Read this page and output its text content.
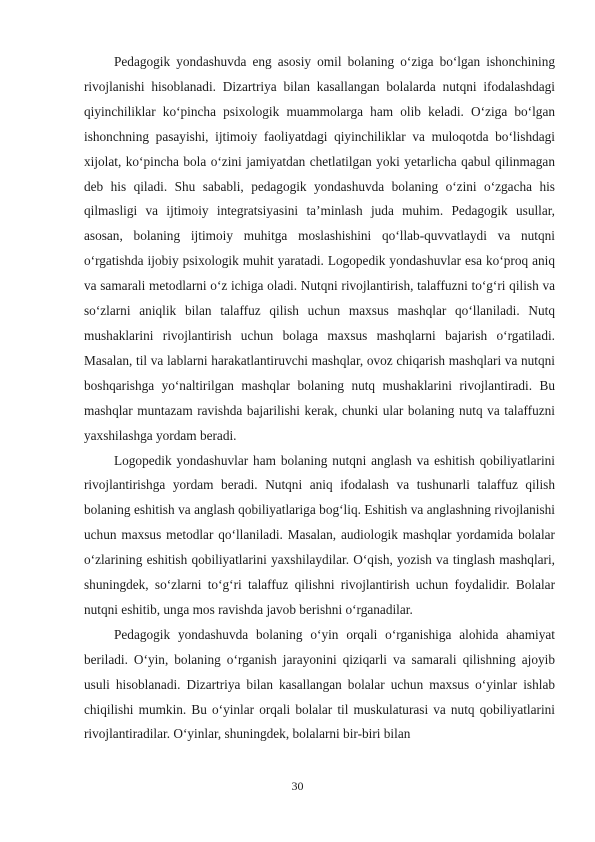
Pedagogik yondashuvda eng asosiy omil bolaning o‘ziga bo‘lgan ishonchining rivojlanishi hisoblanadi. Dizartriya bilan kasallangan bolalarda nutqni ifodalashdagi qiyinchiliklar ko‘pincha psixologik muammolarga ham olib keladi. O‘ziga bo‘lgan ishonchning pasayishi, ijtimoiy faoliyatdagi qiyinchiliklar va muloqotda bo‘lishdagi xijolat, ko‘pincha bola o‘zini jamiyatdan chetlatilgan yoki yetarlicha qabul qilinmagan deb his qiladi. Shu sababli, pedagogik yondashuvda bolaning o‘zini o‘zgacha his qilmasligi va ijtimoiy integratsiyasini ta’minlash juda muhim. Pedagogik usullar, asosan, bolaning ijtimoiy muhitga moslashishini qo‘llab-quvvatlaydi va nutqni o‘rgatishda ijobiy psixologik muhit yaratadi. Logopedik yondashuvlar esa ko‘proq aniq va samarali metodlarni o‘z ichiga oladi. Nutqni rivojlantirish, talaffuzni to‘g‘ri qilish va so‘zlarni aniqlik bilan talaffuz qilish uchun maxsus mashqlar qo‘llaniladi. Nutq mushaklarini rivojlantirish uchun bolaga maxsus mashqlarni bajarish o‘rgatiladi. Masalan, til va lablarni harakatlantiruvchi mashqlar, ovoz chiqarish mashqlari va nutqni boshqarishga yo‘naltirilgan mashqlar bolaning nutq mushaklarini rivojlantiradi. Bu mashqlar muntazam ravishda bajarilishi kerak, chunki ular bolaning nutq va talaffuzni yaxshilashga yordam beradi.

Logopedik yondashuvlar ham bolaning nutqni anglash va eshitish qobiliyatlarini rivojlantirishga yordam beradi. Nutqni aniq ifodalash va tushunarli talaffuz qilish bolaning eshitish va anglash qobiliyatlariga bog‘liq. Eshitish va anglashning rivojlanishi uchun maxsus metodlar qo‘llaniladi. Masalan, audiologik mashqlar yordamida bolalar o‘zlarining eshitish qobiliyatlarini yaxshilaydilar. O‘qish, yozish va tinglash mashqlari, shuningdek, so‘zlarni to‘g‘ri talaffuz qilishni rivojlantirish uchun foydalidir. Bolalar nutqni eshitib, unga mos ravishda javob berishni o‘rganadilar.

Pedagogik yondashuvda bolaning o‘yin orqali o‘rganishiga alohida ahamiyat beriladi. O‘yin, bolaning o‘rganish jarayonini qiziqarli va samarali qilishning ajoyib usuli hisoblanadi. Dizartriya bilan kasallangan bolalar uchun maxsus o‘yinlar ishlab chiqilishi mumkin. Bu o‘yinlar orqali bolalar til muskulaturasi va nutq qobiliyatlarini rivojlantiradilar. O‘yinlar, shuningdek, bolalarni bir-biri bilan

30
